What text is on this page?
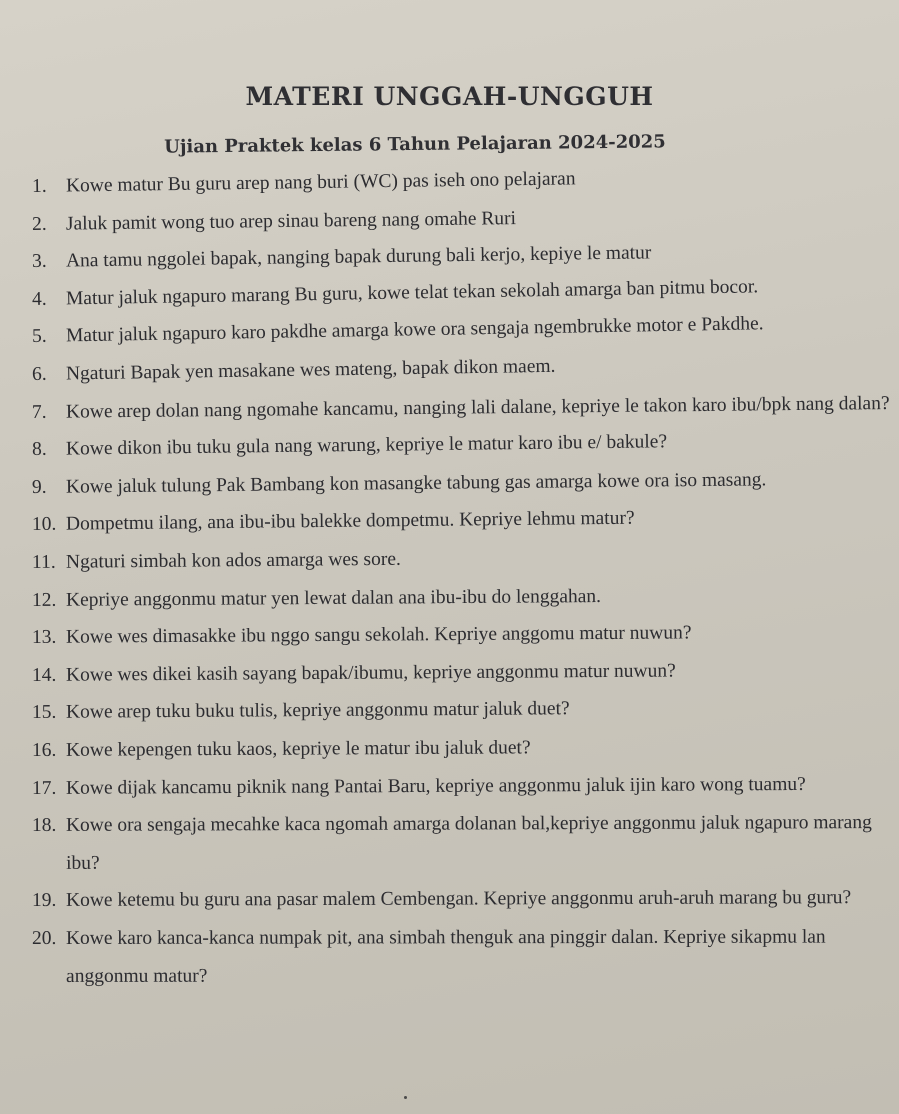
MATERI UNGGAH-UNGGUH
Ujian Praktek kelas 6 Tahun Pelajaran 2024-2025
1. Kowe matur Bu guru arep nang buri (WC) pas iseh ono pelajaran
2. Jaluk pamit wong tuo arep sinau bareng nang omahe Ruri
3. Ana tamu nggolei bapak, nanging bapak durung bali kerjo, kepiye le matur
4. Matur jaluk ngapuro marang Bu guru, kowe telat tekan sekolah amarga ban pitmu bocor.
5. Matur jaluk ngapuro karo pakdhe amarga kowe ora sengaja ngembrukke motor e Pakdhe.
6. Ngaturi Bapak yen masakane wes mateng, bapak dikon maem.
7. Kowe arep dolan nang ngomahe kancamu, nanging lali dalane, kepriye le takon karo ibu/bpk nang dalan?
8. Kowe dikon ibu tuku gula nang warung, kepriye le matur karo ibu e/ bakule?
9. Kowe jaluk tulung Pak Bambang kon masangke tabung gas amarga kowe ora iso masang.
10. Dompetmu ilang, ana ibu-ibu balekke dompetmu. Kepriye lehmu matur?
11. Ngaturi simbah kon ados amarga wes sore.
12. Kepriye anggonmu matur yen lewat dalan ana ibu-ibu do lenggahan.
13. Kowe wes dimasakke ibu nggo sangu sekolah. Kepriye anggomu matur nuwun?
14. Kowe wes dikei kasih sayang bapak/ibumu, kepriye anggonmu matur nuwun?
15. Kowe arep tuku buku tulis, kepriye anggonmu matur jaluk duet?
16. Kowe kepengen tuku kaos, kepriye le matur ibu jaluk duet?
17. Kowe dijak kancamu piknik nang Pantai Baru, kepriye anggonmu jaluk ijin karo wong tuamu?
18. Kowe ora sengaja mecahke kaca ngomah amarga dolanan bal,kepriye anggonmu jaluk ngapuro marang ibu?
19. Kowe ketemu bu guru ana pasar malem Cembengan. Kepriye anggonmu aruh-aruh marang bu guru?
20. Kowe karo kanca-kanca numpak pit, ana simbah thenguk ana pinggir dalan. Kepriye sikapmu lan anggonmu matur?
